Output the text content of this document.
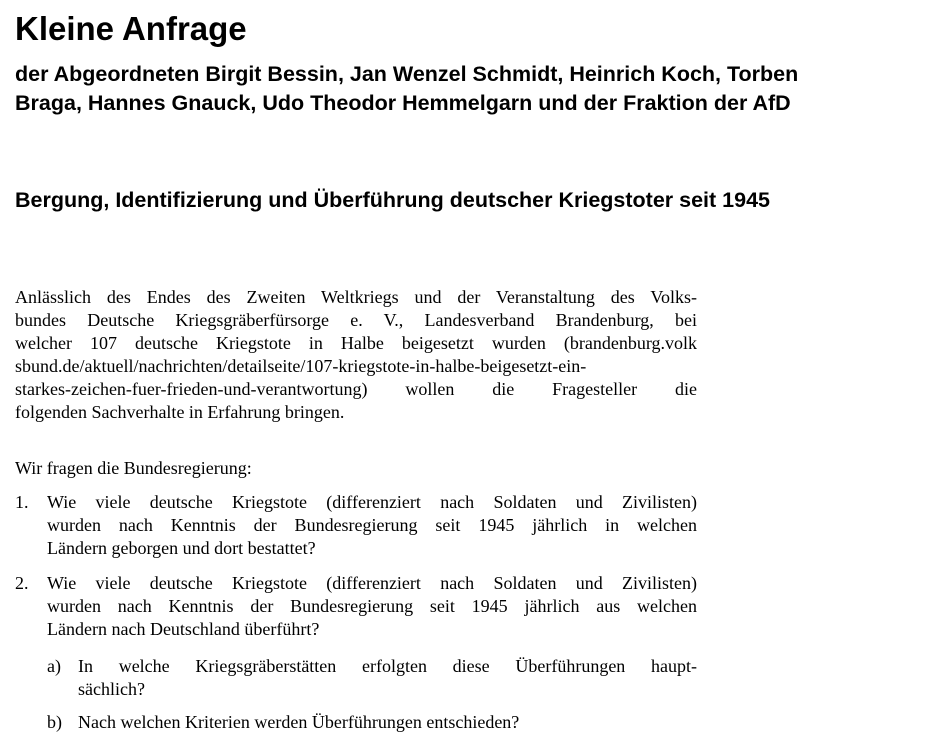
Kleine Anfrage
der Abgeordneten Birgit Bessin, Jan Wenzel Schmidt, Heinrich Koch, Torben
Braga, Hannes Gnauck, Udo Theodor Hemmelgarn und der Fraktion der AfD
Bergung, Identifizierung und Überführung deutscher Kriegstoter seit 1945
Anlässlich des Endes des Zweiten Weltkriegs und der Veranstaltung des Volks-
bundes Deutsche Kriegsgräberfürsorge e. V., Landesverband Brandenburg, bei
welcher 107 deutsche Kriegstote in Halbe beigesetzt wurden (brandenburg.volk
sbund.de/aktuell/nachrichten/detailseite/107-kriegstote-in-halbe-beigesetzt-ein-
starkes-zeichen-fuer-frieden-und-verantwortung) wollen die Fragesteller die
folgenden Sachverhalte in Erfahrung bringen.

Wir fragen die Bundesregierung:

1. Wie viele deutsche Kriegstote (differenziert nach Soldaten und Zivilisten)
wurden nach Kenntnis der Bundesregierung seit 1945 jährlich in welchen
Ländern geborgen und dort bestattet?
2. Wie viele deutsche Kriegstote (differenziert nach Soldaten und Zivilisten)
wurden nach Kenntnis der Bundesregierung seit 1945 jährlich aus welchen
Ländern nach Deutschland überführt?
a) In welche Kriegsgräberstätten erfolgten diese Überführungen haupt-
sächlich?
b) Nach welchen Kriterien werden Überführungen entschieden?
